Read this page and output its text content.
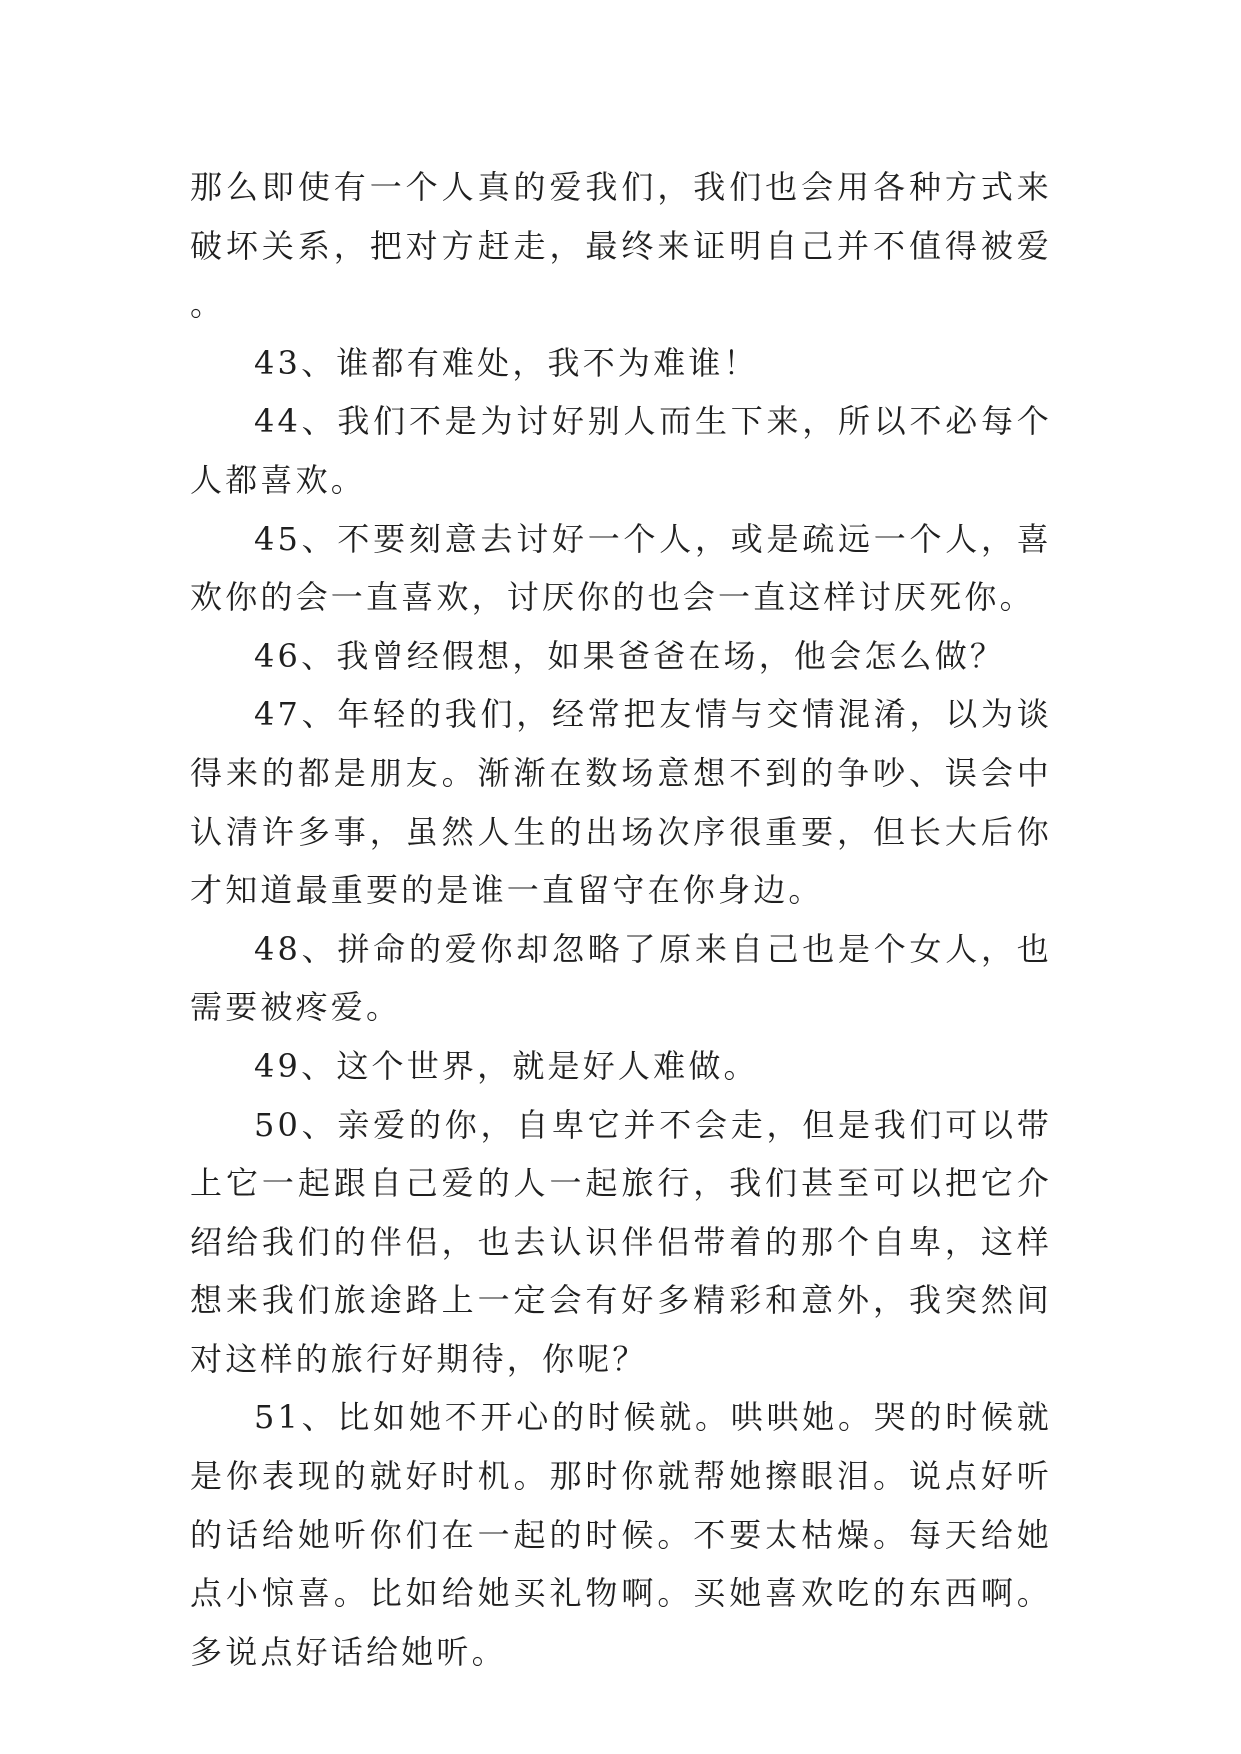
那么即使有一个人真的爱我们，我们也会用各种方式来破坏关系，把对方赶走，最终来证明自己并不值得被爱。

43、谁都有难处，我不为难谁！

44、我们不是为讨好别人而生下来，所以不必每个人都喜欢。

45、不要刻意去讨好一个人，或是疏远一个人，喜欢你的会一直喜欢，讨厌你的也会一直这样讨厌死你。

46、我曾经假想，如果爸爸在场，他会怎么做？

47、年轻的我们，经常把友情与交情混淆，以为谈得来的都是朋友。渐渐在数场意想不到的争吵、误会中认清许多事，虽然人生的出场次序很重要，但长大后你才知道最重要的是谁一直留守在你身边。

48、拼命的爱你却忽略了原来自己也是个女人，也需要被疼爱。

49、这个世界，就是好人难做。

50、亲爱的你，自卑它并不会走，但是我们可以带上它一起跟自己爱的人一起旅行，我们甚至可以把它介绍给我们的伴侣，也去认识伴侣带着的那个自卑，这样想来我们旅途路上一定会有好多精彩和意外，我突然间对这样的旅行好期待，你呢？

51、比如她不开心的时候就。哄哄她。哭的时候就是你表现的就好时机。那时你就帮她擦眼泪。说点好听的话给她听你们在一起的时候。不要太枯燥。每天给她点小惊喜。比如给她买礼物啊。买她喜欢吃的东西啊。多说点好话给她听。
